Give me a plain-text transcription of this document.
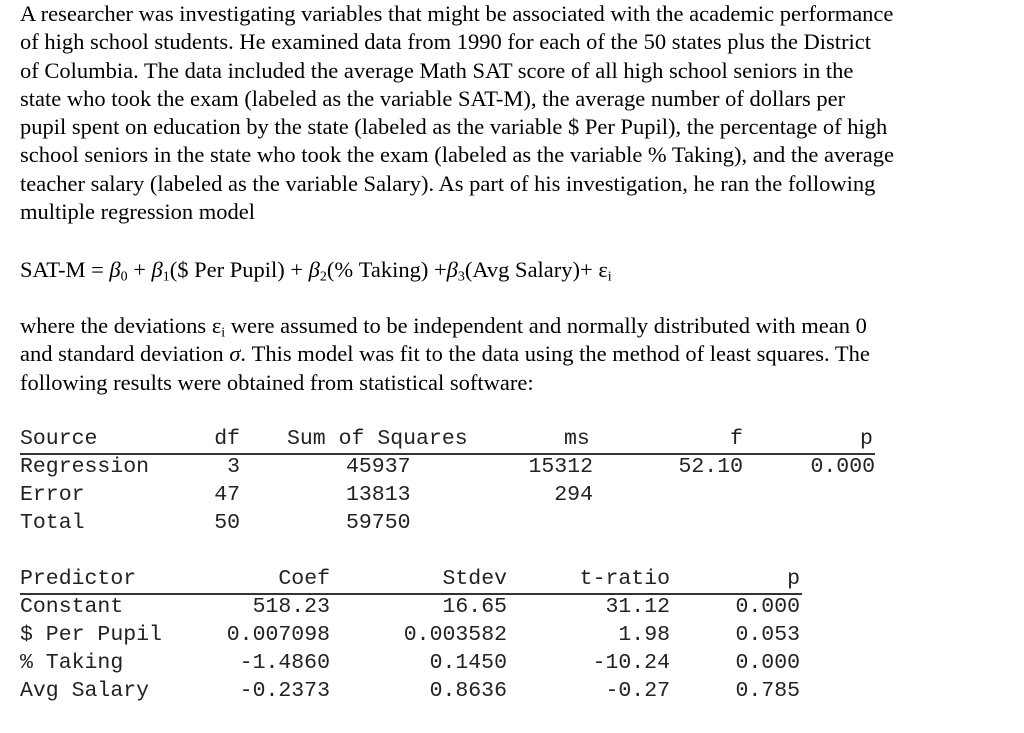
A researcher was investigating variables that might be associated with the academic performance
of high school students. He examined data from 1990 for each of the 50 states plus the District
of Columbia. The data included the average Math SAT score of all high school seniors in the
state who took the exam (labeled as the variable SAT-M), the average number of dollars per
pupil spent on education by the state (labeled as the variable $ Per Pupil), the percentage of high
school seniors in the state who took the exam (labeled as the variable % Taking), and the average
teacher salary (labeled as the variable Salary). As part of his investigation, he ran the following
multiple regression model
$SAT-M = \beta_0$ + $\beta_1(\$$ Per Pupil) + $\beta_2(\%$ Taking) $+\beta_3(Avg$ Salary)+ $\varepsilon_i$
where the deviations $\varepsilon_i$ were assumed to be independent and normally distributed with mean 0
and standard deviation σ. This model was fit to the data using the method of least squares. The
following results were obtained from statistical software:
Source	df Sum of Squares	ms	f	p
Regression	3	45937	15312	52.10	0.000
Error	47	13813	294
Total	50	59750
Predictor	Coef	Stdev	t-ratio	p
Constant	518.23	16.65	31.12	0.000
$ Per Pupil	0.007098	0.003582	1.98	0.053
% Taking	-1.4860	0.1450	-10.24	0.000
Avg Salary	-0.2373	0.8636	-0.27	0.785
